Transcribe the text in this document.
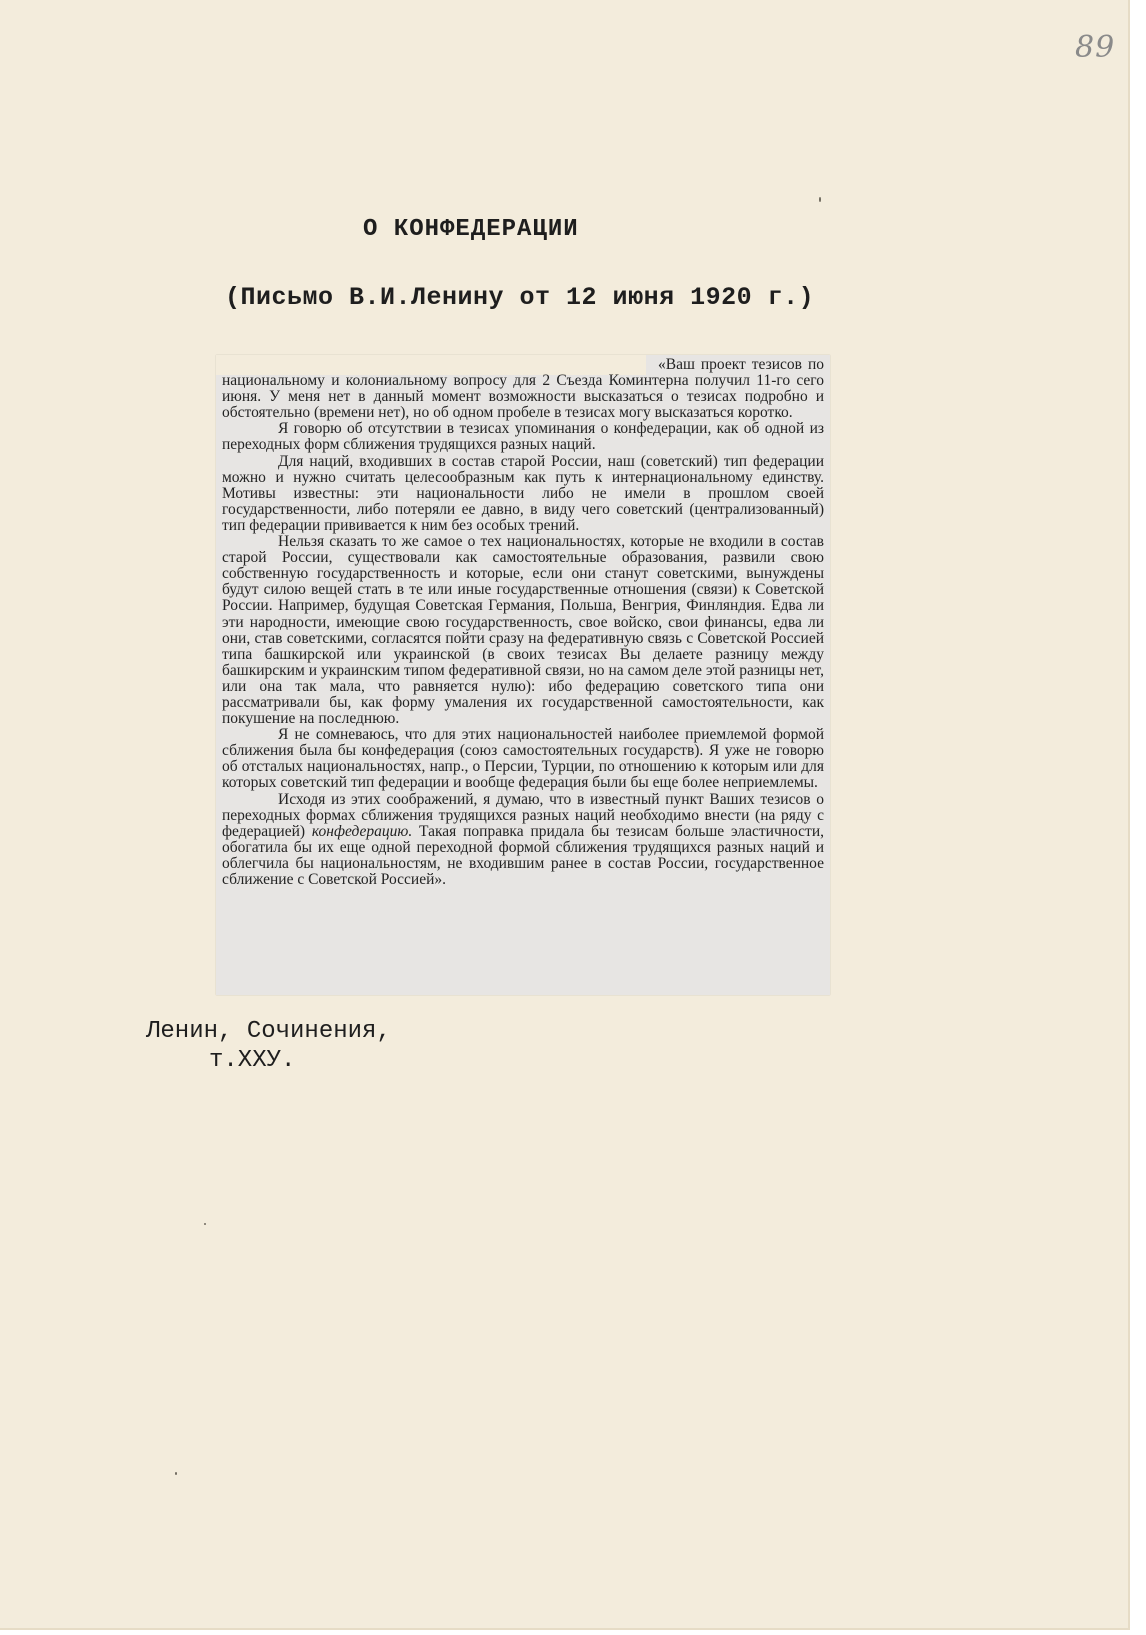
89
О КОНФЕДЕРАЦИИ
(Письмо В.И.Ленину от 12 июня 1920 г.)

«Ваш проект тезисов по национальному и колониальному вопросу для 2 Съезда Коминтерна получил 11-го сего июня. У меня нет в данный момент возможности высказаться о тезисах подробно и обстоятельно (времени нет), но об одном пробеле в тезисах могу высказаться коротко.

Я говорю об отсутствии в тезисах упоминания о конфедерации, как об одной из переходных форм сближения трудящихся разных наций.

Для наций, входивших в состав старой России, наш (советский) тип федерации можно и нужно считать целесообразным как путь к интернациональному единству. Мотивы известны: эти национальности либо не имели в прошлом своей государственности, либо потеряли ее давно, в виду чего советский (централизованный) тип федерации прививается к ним без особых трений.

Нельзя сказать то же самое о тех национальностях, которые не входили в состав старой России, существовали как самостоятельные образования, развили свою собственную государственность и которые, если они станут советскими, вынуждены будут силою вещей стать в те или иные государственные отношения (связи) к Советской России. Например, будущая Советская Германия, Польша, Венгрия, Финляндия. Едва ли эти народности, имеющие свою государственность, свое войско, свои финансы, едва ли они, став советскими, согласятся пойти сразу на федеративную связь с Советской Россией типа башкирской или украинской (в своих тезисах Вы делаете разницу между башкирским и украинским типом федеративной связи, но на самом деле этой разницы нет, или она так мала, что равняется нулю): ибо федерацию советского типа они рассматривали бы, как форму умаления их государственной самостоятельности, как покушение на последнюю.

Я не сомневаюсь, что для этих национальностей наиболее приемлемой формой сближения была бы конфедерация (союз самостоятельных государств). Я уже не говорю об отсталых национальностях, напр., о Персии, Турции, по отношению к которым или для которых советский тип федерации и вообще федерация были бы еще более неприемлемы.

Исходя из этих соображений, я думаю, что в известный пункт Ваших тезисов о переходных формах сближения трудящихся разных наций необходимо внести (на ряду с федерацией) конфедерацию. Такая поправка придала бы тезисам больше эластичности, обогатила бы их еще одной переходной формой сближения трудящихся разных наций и облегчила бы национальностям, не входившим ранее в состав России, государственное сближение с Советской Россией».

Ленин, Сочинения,
т.XXУ.
